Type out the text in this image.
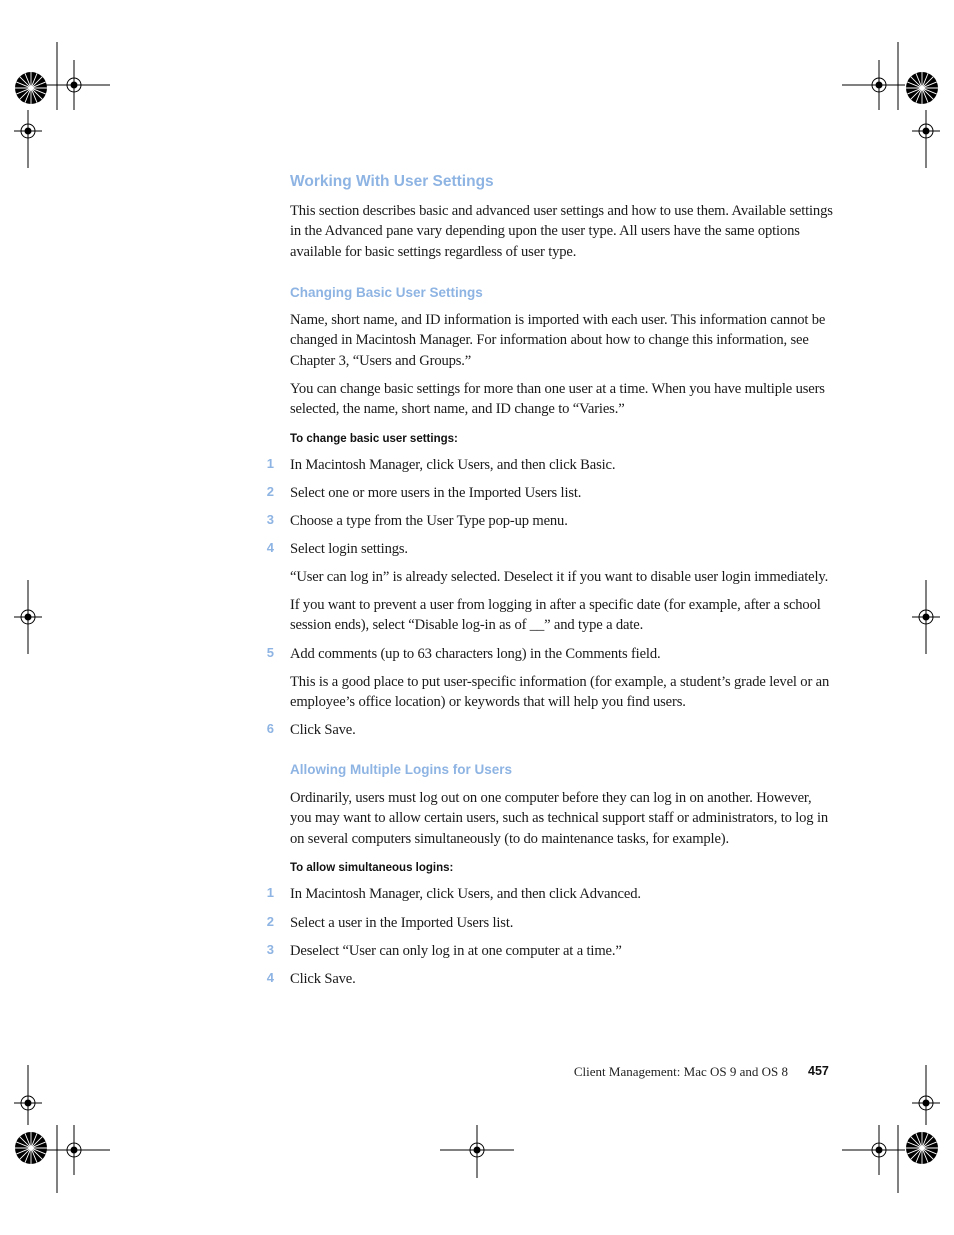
Working With User Settings

This section describes basic and advanced user settings and how to use them. Available settings in the Advanced pane vary depending upon the user type. All users have the same options available for basic settings regardless of user type.

Changing Basic User Settings

Name, short name, and ID information is imported with each user. This information cannot be changed in Macintosh Manager. For information about how to change this information, see Chapter 3, “Users and Groups.”

You can change basic settings for more than one user at a time. When you have multiple users selected, the name, short name, and ID change to “Varies.”

To change basic user settings:
1 In Macintosh Manager, click Users, and then click Basic.
2 Select one or more users in the Imported Users list.
3 Choose a type from the User Type pop-up menu.
4 Select login settings.

“User can log in” is already selected. Deselect it if you want to disable user login immediately.

If you want to prevent a user from logging in after a specific date (for example, after a school session ends), select “Disable log-in as of __” and type a date.

5 Add comments (up to 63 characters long) in the Comments field.

This is a good place to put user-specific information (for example, a student’s grade level or an employee’s office location) or keywords that will help you find users.

6 Click Save.
Allowing Multiple Logins for Users

Ordinarily, users must log out on one computer before they can log in on another. However, you may want to allow certain users, such as technical support staff or administrators, to log in on several computers simultaneously (to do maintenance tasks, for example).

To allow simultaneous logins:
1 In Macintosh Manager, click Users, and then click Advanced.
2 Select a user in the Imported Users list.
3 Deselect “User can only log in at one computer at a time.”
4 Click Save.
Client Management: Mac OS 9 and OS 8 457
